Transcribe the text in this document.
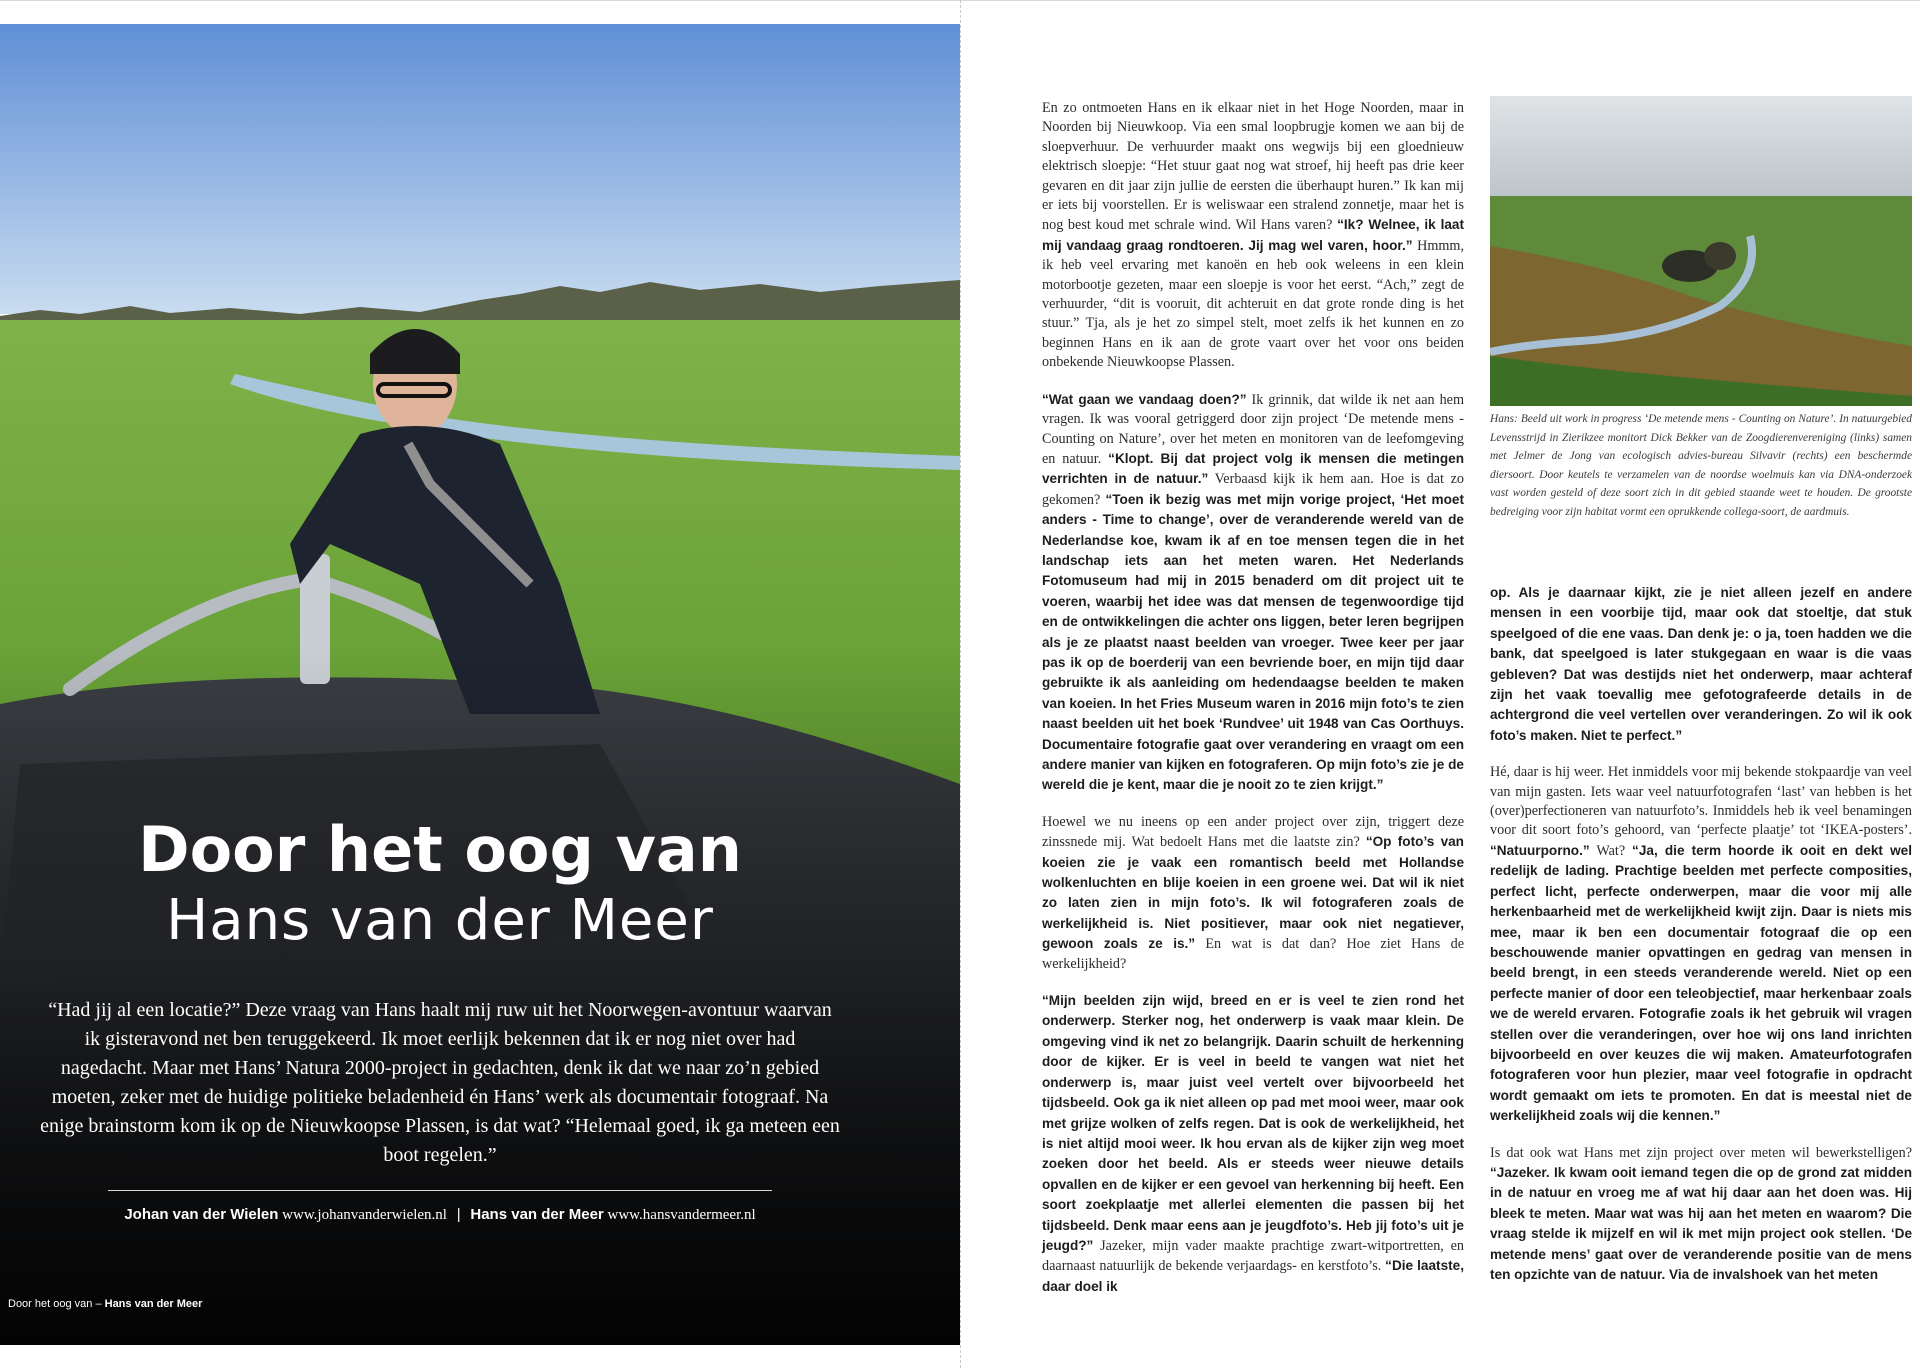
Door het oog van
Hans van der Meer
“Had jij al een locatie?” Deze vraag van Hans haalt mij ruw uit het Noorwegen-avontuur waarvan ik gisteravond net ben teruggekeerd. Ik moet eerlijk bekennen dat ik er nog niet over had nagedacht. Maar met Hans’ Natura 2000-project in gedachten, denk ik dat we naar zo’n gebied moeten, zeker met de huidige politieke beladenheid én Hans’ werk als documentair fotograaf. Na enige brainstorm kom ik op de Nieuwkoopse Plassen, is dat wat? “Helemaal goed, ik ga meteen een boot regelen.”
Johan van der Wielen www.johanvanderwielen.nl | Hans van der Meer www.hansvandermeer.nl
Door het oog van – Hans van der Meer

En zo ontmoeten Hans en ik elkaar niet in het Hoge Noorden, maar in Noorden bij Nieuwkoop. Via een smal loopbrugje komen we aan bij de sloepverhuur. De verhuurder maakt ons wegwijs bij een gloednieuw elektrisch sloepje: “Het stuur gaat nog wat stroef, hij heeft pas drie keer gevaren en dit jaar zijn jullie de eersten die überhaupt huren.” Ik kan mij er iets bij voorstellen. Er is weliswaar een stralend zonnetje, maar het is nog best koud met schrale wind. Wil Hans varen? “Ik? Welnee, ik laat mij vandaag graag rondtoeren. Jij mag wel varen, hoor.” Hmmm, ik heb veel ervaring met kanoën en heb ook weleens in een klein motorbootje gezeten, maar een sloepje is voor het eerst. “Ach,” zegt de verhuurder, “dit is vooruit, dit achteruit en dat grote ronde ding is het stuur.” Tja, als je het zo simpel stelt, moet zelfs ik het kunnen en zo beginnen Hans en ik aan de grote vaart over het voor ons beiden onbekende Nieuwkoopse Plassen.

“Wat gaan we vandaag doen?” Ik grinnik, dat wilde ik net aan hem vragen. Ik was vooral getriggerd door zijn project ‘De metende mens - Counting on Nature’, over het meten en monitoren van de leefomgeving en natuur. “Klopt. Bij dat project volg ik mensen die metingen verrichten in de natuur.” Verbaasd kijk ik hem aan. Hoe is dat zo gekomen? “Toen ik bezig was met mijn vorige project, ‘Het moet anders - Time to change’, over de veranderende wereld van de Nederlandse koe, kwam ik af en toe mensen tegen die in het landschap iets aan het meten waren. Het Nederlands Fotomuseum had mij in 2015 benaderd om dit project uit te voeren, waarbij het idee was dat mensen de tegenwoordige tijd en de ontwikkelingen die achter ons liggen, beter leren begrijpen als je ze plaatst naast beelden van vroeger. Twee keer per jaar pas ik op de boerderij van een bevriende boer, en mijn tijd daar gebruikte ik als aanleiding om hedendaagse beelden te maken van koeien. In het Fries Museum waren in 2016 mijn foto’s te zien naast beelden uit het boek ‘Rundvee’ uit 1948 van Cas Oorthuys. Documentaire fotografie gaat over verandering en vraagt om een andere manier van kijken en fotograferen. Op mijn foto’s zie je de wereld die je kent, maar die je nooit zo te zien krijgt.”

Hoewel we nu ineens op een ander project over zijn, triggert deze zinssnede mij. Wat bedoelt Hans met die laatste zin? “Op foto’s van koeien zie je vaak een romantisch beeld met Hollandse wolkenluchten en blije koeien in een groene wei. Dat wil ik niet zo laten zien in mijn foto’s. Ik wil fotograferen zoals de werkelijkheid is. Niet positiever, maar ook niet negatiever, gewoon zoals ze is.” En wat is dat dan? Hoe ziet Hans de werkelijkheid?

“Mijn beelden zijn wijd, breed en er is veel te zien rond het onderwerp. Sterker nog, het onderwerp is vaak maar klein. De omgeving vind ik net zo belangrijk. Daarin schuilt de herkenning door de kijker. Er is veel in beeld te vangen wat niet het onderwerp is, maar juist veel vertelt over bijvoorbeeld het tijdsbeeld. Ook ga ik niet alleen op pad met mooi weer, maar ook met grijze wolken of zelfs regen. Dat is ook de werkelijkheid, het is niet altijd mooi weer. Ik hou ervan als de kijker zijn weg moet zoeken door het beeld. Als er steeds weer nieuwe details opvallen en de kijker er een gevoel van herkenning bij heeft. Een soort zoekplaatje met allerlei elementen die passen bij het tijdsbeeld. Denk maar eens aan je jeugdfoto’s. Heb jij foto’s uit je jeugd?” Jazeker, mijn vader maakte prachtige zwart-witportretten, en daarnaast natuurlijk de bekende verjaardags- en kerstfoto’s. “Die laatste, daar doel ik

Hans: Beeld uit work in progress ‘De metende mens - Counting on Nature’. In natuurgebied Levensstrijd in Zierikzee monitort Dick Bekker van de Zoogdierenvereniging (links) samen met Jelmer de Jong van ecologisch advies-bureau Silvavir (rechts) een beschermde diersoort. Door keutels te verzamelen van de noordse woelmuis kan via DNA-onderzoek vast worden gesteld of deze soort zich in dit gebied staande weet te houden. De grootste bedreiging voor zijn habitat vormt een oprukkende collega-soort, de aardmuis.

op. Als je daarnaar kijkt, zie je niet alleen jezelf en andere mensen in een voorbije tijd, maar ook dat stoeltje, dat stuk speelgoed of die ene vaas. Dan denk je: o ja, toen hadden we die bank, dat speelgoed is later stukgegaan en waar is die vaas gebleven? Dat was destijds niet het onderwerp, maar achteraf zijn het vaak toevallig mee gefotografeerde details in de achtergrond die veel vertellen over veranderingen. Zo wil ik ook foto’s maken. Niet te perfect.”

Hé, daar is hij weer. Het inmiddels voor mij bekende stokpaardje van veel van mijn gasten. Iets waar veel natuurfotografen ‘last’ van hebben is het (over)perfectioneren van natuurfoto’s. Inmiddels heb ik veel benamingen voor dit soort foto’s gehoord, van ‘perfecte plaatje’ tot ‘IKEA-posters’. “Natuurporno.” Wat? “Ja, die term hoorde ik ooit en dekt wel redelijk de lading. Prachtige beelden met perfecte composities, perfect licht, perfecte onderwerpen, maar die voor mij alle herkenbaarheid met de werkelijkheid kwijt zijn. Daar is niets mis mee, maar ik ben een documentair fotograaf die op een beschouwende manier opvattingen en gedrag van mensen in beeld brengt, in een steeds veranderende wereld. Niet op een perfecte manier of door een teleobjectief, maar herkenbaar zoals we de wereld ervaren. Fotografie zoals ik het gebruik wil vragen stellen over die veranderingen, over hoe wij ons land inrichten bijvoorbeeld en over keuzes die wij maken. Amateurfotografen fotograferen voor hun plezier, maar veel fotografie in opdracht wordt gemaakt om iets te promoten. En dat is meestal niet de werkelijkheid zoals wij die kennen.”

Is dat ook wat Hans met zijn project over meten wil bewerkstelligen? “Jazeker. Ik kwam ooit iemand tegen die op de grond zat midden in de natuur en vroeg me af wat hij daar aan het doen was. Hij bleek te meten. Maar wat was hij aan het meten en waarom? Die vraag stelde ik mijzelf en wil ik met mijn project ook stellen. ‘De metende mens’ gaat over de veranderende positie van de mens ten opzichte van de natuur. Via de invalshoek van het meten
